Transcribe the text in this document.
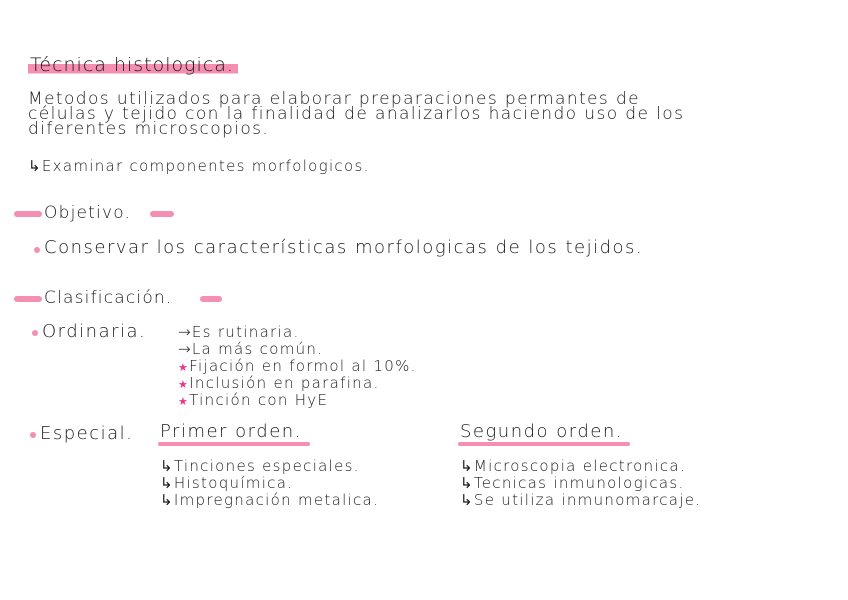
Técnica histologica.
Metodos utilizados para elaborar preparaciones permantes de
células y tejido con la finalidad de analizarlos haciendo uso de los
diferentes microscopios.
↳Examinar componentes morfologicos.
Objetivo.
Conservar los características morfologicas de los tejidos.
Clasificación.
Ordinaria. →Es rutinaria.
→La más común.
★Fijación en formol al 10%.
★Inclusión en parafina.
★Tinción con HyE
Especial. Primer orden.
↳Tinciones especiales.
↳Histoquímica.
↳Impregnación metalica.
Segundo orden.
↳Microscopia electronica.
↳Tecnicas inmunologicas.
↳Se utiliza inmunomarcaje.
